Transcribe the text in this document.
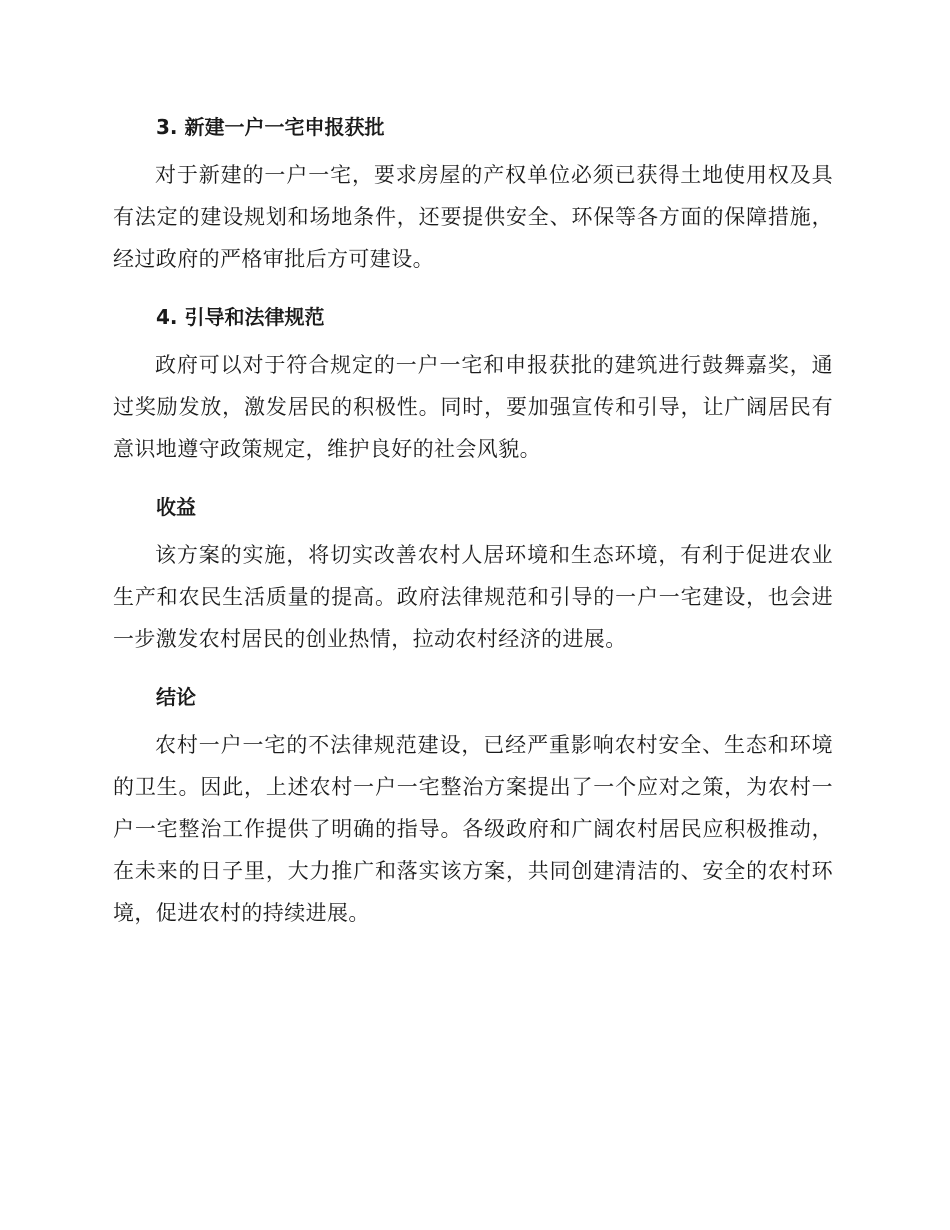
3. 新建一户一宅申报获批

对于新建的一户一宅，要求房屋的产权单位必须已获得土地使用权及具有法定的建设规划和场地条件，还要提供安全、环保等各方面的保障措施，经过政府的严格审批后方可建设。

4. 引导和法律规范

政府可以对于符合规定的一户一宅和申报获批的建筑进行鼓舞嘉奖，通过奖励发放，激发居民的积极性。同时，要加强宣传和引导，让广阔居民有意识地遵守政策规定，维护良好的社会风貌。

收益

该方案的实施，将切实改善农村人居环境和生态环境，有利于促进农业生产和农民生活质量的提高。政府法律规范和引导的一户一宅建设，也会进一步激发农村居民的创业热情，拉动农村经济的进展。

结论

农村一户一宅的不法律规范建设，已经严重影响农村安全、生态和环境的卫生。因此，上述农村一户一宅整治方案提出了一个应对之策，为农村一户一宅整治工作提供了明确的指导。各级政府和广阔农村居民应积极推动，在未来的日子里，大力推广和落实该方案，共同创建清洁的、安全的农村环境，促进农村的持续进展。
